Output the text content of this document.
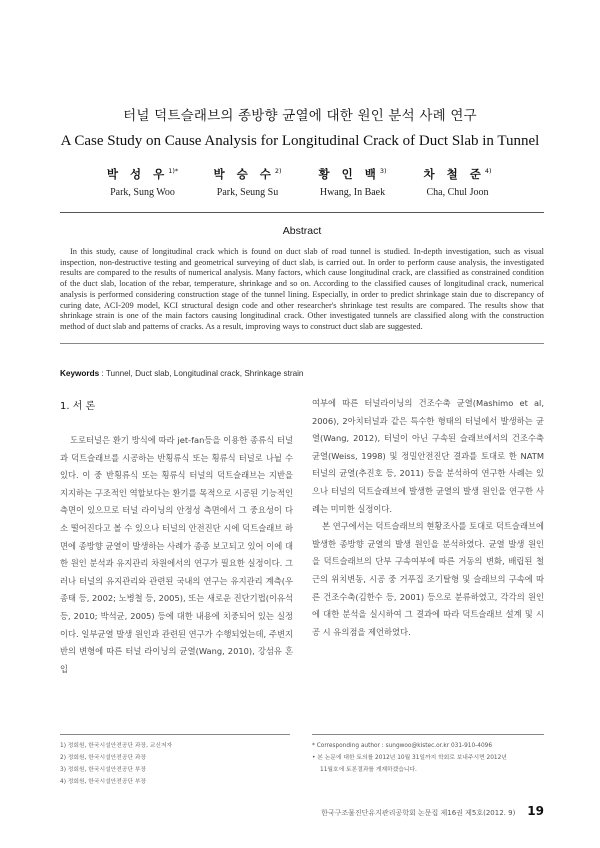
터널 덕트슬래브의 종방향 균열에 대한 원인 분석 사례 연구
A Case Study on Cause Analysis for Longitudinal Crack of Duct Slab in Tunnel
박 성 우$^{1)*}$
Park, Sung Woo
박 승 수$^{2)}$
Park, Seung Su
황 인 백$^{3)}$
Hwang, In Baek
차 철 준$^{4)}$
Cha, Chul Joon
Abstract
In this study, cause of longitudinal crack which is found on duct slab of road tunnel is studied. In-depth investigation, such as visual inspection, non-destructive testing and geometrical surveying of duct slab, is carried out. In order to perform cause analysis, the investigated results are compared to the results of numerical analysis. Many factors, which cause longitudinal crack, are classified as constrained condition of the duct slab, location of the rebar, temperature, shrinkage and so on. According to the classified causes of longitudinal crack, numerical analysis is performed considering construction stage of the tunnel lining. Especially, in order to predict shrinkage stain due to discrepancy of curing date, ACI-209 model, KCI structural design code and other researcher's shrinkage test results are compared. The results show that shrinkage strain is one of the main factors causing longitudinal crack. Other investigated tunnels are classified along with the construction method of duct slab and patterns of cracks. As a result, improving ways to construct duct slab are suggested.
Keywords : Tunnel, Duct slab, Longitudinal crack, Shrinkage strain
1. 서 론

도로터널은 환기 방식에 따라 jet-fan등을 이용한 종류식 터널과 덕트슬래브를 시공하는 반횡류식 또는 횡류식 터널로 나뉠 수 있다. 이 중 반횡류식 또는 횡류식 터널의 덕트슬래브는 지반을 지지하는 구조적인 역할보다는 환기를 목적으로 시공된 기능적인 측면이 있으므로 터널 라이닝의 안정성 측면에서 그 중요성이 다소 떨어진다고 볼 수 있으나 터널의 안전진단 시에 덕트슬래브 하면에 종방향 균열이 발생하는 사례가 종종 보고되고 있어 이에 대한 원인 분석과 유지관리 차원에서의 연구가 필요한 실정이다. 그러나 터널의 유지관리와 관련된 국내의 연구는 유지관리 계측(우종태 등, 2002; 노병철 등, 2005), 또는 새로운 진단기법(이유석 등, 2010; 박석균, 2005) 등에 대한 내용에 치중되어 있는 실정이다. 일부균열 발생 원인과 관련된 연구가 수행되었는데, 주변지반의 변형에 따른 터널 라이닝의 균열(Wang, 2010), 강섬유 혼입

여부에 따른 터널라이닝의 건조수축 균열(Mashimo et al, 2006), 2아치터널과 같은 특수한 형태의 터널에서 발생하는 균열(Wang, 2012), 터널이 아닌 구속된 슬래브에서의 건조수축 균열(Weiss, 1998) 및 정밀안전진단 결과를 토대로 한 NATM터널의 균열(추진호 등, 2011) 등을 분석하여 연구한 사례는 있으나 터널의 덕트슬래브에 발생한 균열의 발생 원인을 연구한 사례는 미미한 실정이다.

본 연구에서는 덕트슬래브의 현황조사를 토대로 덕트슬래브에 발생한 종방향 균열의 발생 원인을 분석하였다. 균열 발생 원인을 덕트슬래브의 단부 구속여부에 따른 거동의 변화, 배립된 철근의 위치변동, 시공 중 거푸집 조기탈형 및 슬래브의 구속에 따른 건조수축(김한수 등, 2001) 등으로 분류하였고, 각각의 원인에 대한 분석을 실시하여 그 결과에 따라 덕트슬래브 설계 및 시공 시 유의점을 제언하였다.

1) 정회원, 한국시설안전공단 과장, 교신저자
2) 정회원, 한국시설안전공단 과장
3) 정회원, 한국시설안전공단 부장
4) 정회원, 한국시설안전공단 부장
* Corresponding author : sungwoo@kistec.or.kr 031-910-4096
• 본 논문에 대한 토의를 2012년 10월 31일까지 학회로 보내주시면 2012년
11월호에 토론결과를 게재하겠습니다.
한국구조물진단유지관리공학회 논문집 제16권 제5호(2012. 9) 19
